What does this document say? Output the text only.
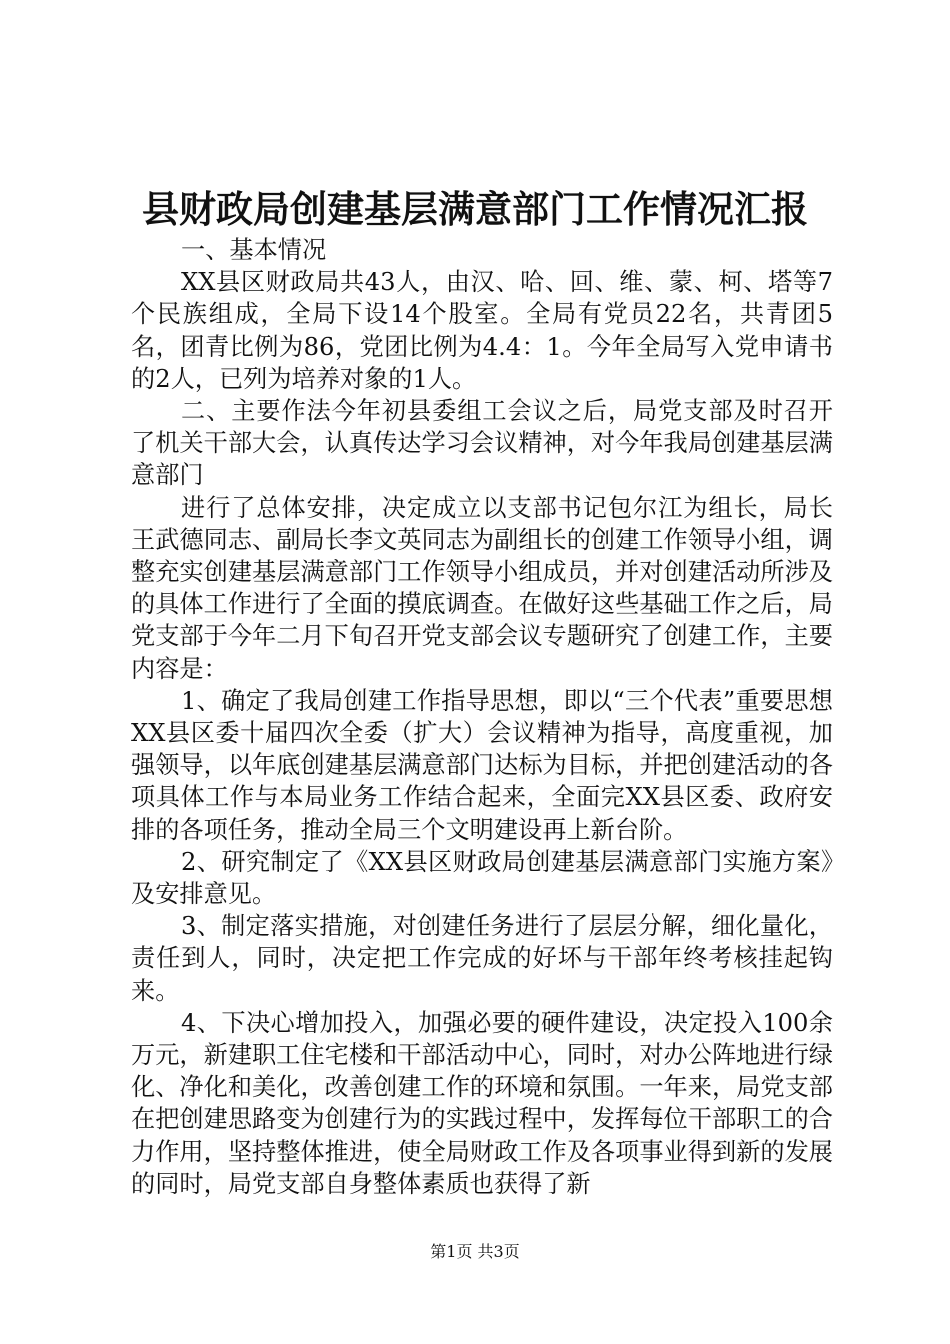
县财政局创建基层满意部门工作情况汇报

一、基本情况

XX县区财政局共43人，由汉、哈、回、维、蒙、柯、塔等7个民族组成，全局下设14个股室。全局有党员22名，共青团5名，团青比例为86，党团比例为4.4：1。今年全局写入党申请书的2人，已列为培养对象的1人。

二、主要作法今年初县委组工会议之后，局党支部及时召开了机关干部大会，认真传达学习会议精神，对今年我局创建基层满意部门

进行了总体安排，决定成立以支部书记包尔江为组长，局长王武德同志、副局长李文英同志为副组长的创建工作领导小组，调整充实创建基层满意部门工作领导小组成员，并对创建活动所涉及的具体工作进行了全面的摸底调查。在做好这些基础工作之后，局党支部于今年二月下旬召开党支部会议专题研究了创建工作，主要内容是：

1、确定了我局创建工作指导思想，即以“三个代表”重要思想XX县区委十届四次全委（扩大）会议精神为指导，高度重视，加强领导，以年底创建基层满意部门达标为目标，并把创建活动的各项具体工作与本局业务工作结合起来，全面完XX县区委、政府安排的各项任务，推动全局三个文明建设再上新台阶。

2、研究制定了《XX县区财政局创建基层满意部门实施方案》及安排意见。

3、制定落实措施，对创建任务进行了层层分解，细化量化，责任到人，同时，决定把工作完成的好坏与干部年终考核挂起钩来。

4、下决心增加投入，加强必要的硬件建设，决定投入100余万元，新建职工住宅楼和干部活动中心，同时，对办公阵地进行绿化、净化和美化，改善创建工作的环境和氛围。一年来，局党支部在把创建思路变为创建行为的实践过程中，发挥每位干部职工的合力作用，坚持整体推进，使全局财政工作及各项事业得到新的发展的同时，局党支部自身整体素质也获得了新

第1页 共3页
